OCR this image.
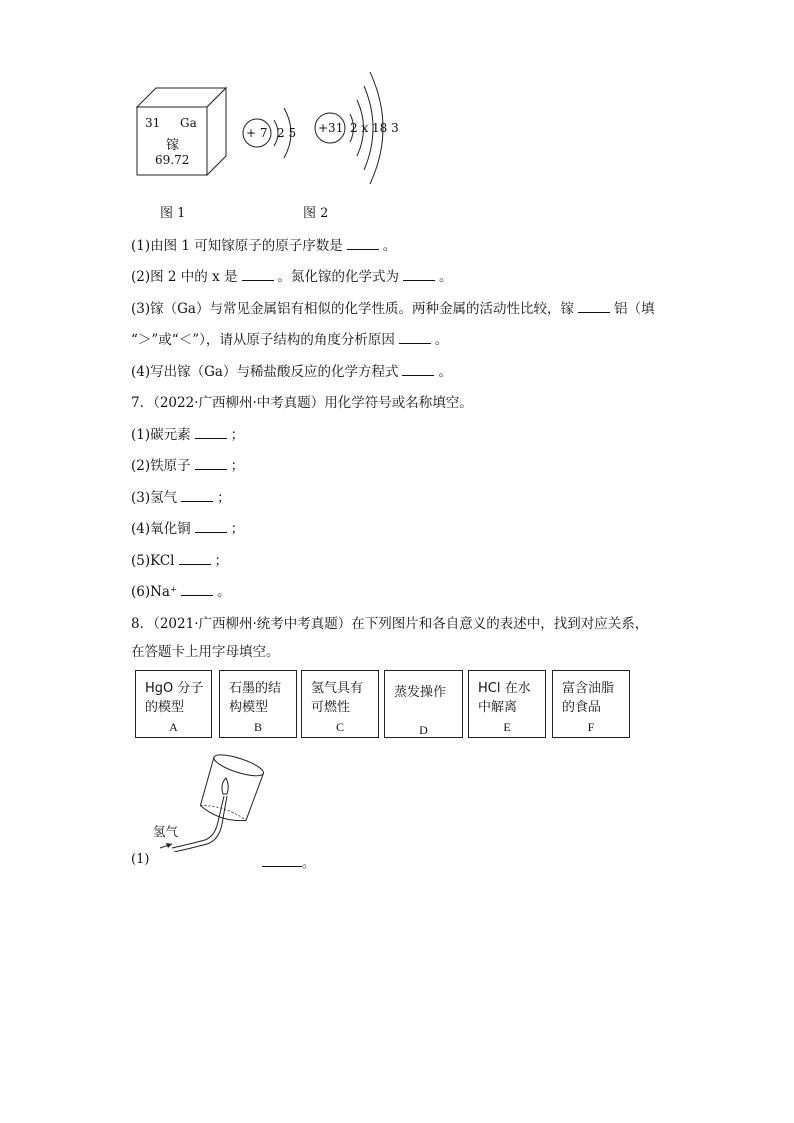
31 Ga
镓
69.72
图 1
+ 7 2 5 +31 2 x 18 3
图 2
(1)由图 1 可知镓原子的原子序数是	。
(2)图 2 中的 x 是	。氮化镓的化学式为	。
(3)镓（Ga）与常见金属铝有相似的化学性质。两种金属的活动性比较，镓	铝（填
“＞”或“＜”），请从原子结构的角度分析原因	。
(4)写出镓（Ga）与稀盐酸反应的化学方程式	。
7．（2022·广西柳州·中考真题）用化学符号或名称填空。
(1)碳元素	；
(2)铁原子	；
(3)氢气	；
(4)氧化铜	；
(5)KCl	；
(6)Na⁺	。
8．（2021·广西柳州·统考中考真题）在下列图片和各自意义的表述中，找到对应关系，
在答题卡上用字母填空。
HgO 分子
的模型
A
石墨的结
构模型
B
氢气具有
可燃性
C
蒸发操作
D
HCl 在水
中解离
E
富含油脂
的食品
F
氢气
(1)	。
